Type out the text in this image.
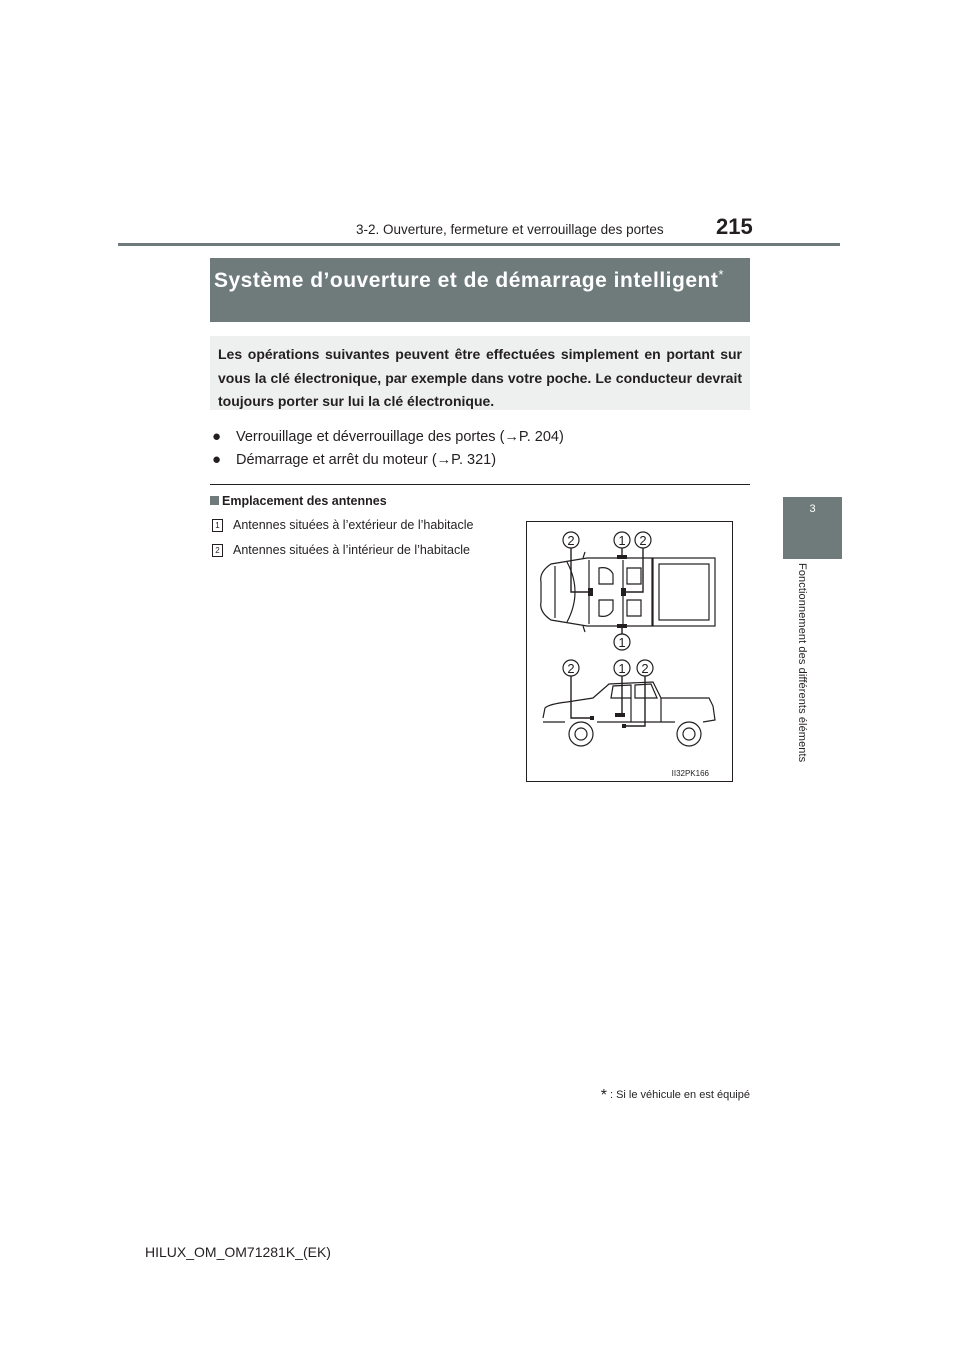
3-2. Ouverture, fermeture et verrouillage des portes 215
3
Fonctionnement des différents éléments
Système d’ouverture et de démarrage intelligent*
Les opérations suivantes peuvent être effectuées simplement en portant sur vous la clé électronique, par exemple dans votre poche. Le conducteur devrait toujours porter sur lui la clé électronique.
● Verrouillage et déverrouillage des portes (→P. 204)
● Démarrage et arrêt du moteur (→P. 321)
Emplacement des antennes
1 Antennes situées à l’extérieur de l’habitacle
2 Antennes situées à l’intérieur de l’habitacle
2	1 2
1
2	1 2
II32PK166
* : Si le véhicule en est équipé
HILUX_OM_OM71281K_(EK)
